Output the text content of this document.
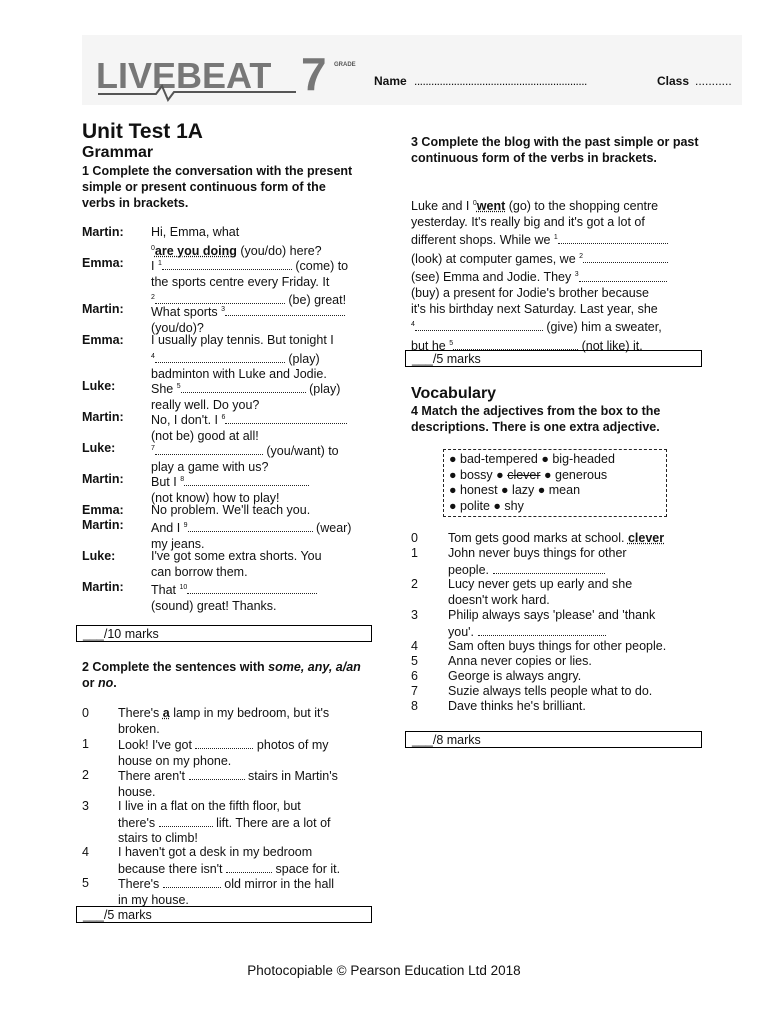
LIVEBEAT 7 GRADE
Name .............................................................	Class ...........
Unit Test 1A
Grammar
1 Complete the conversation with the present simple or present continuous form of the verbs in brackets.
Martin: Hi, Emma, what
$^0$are you doing (you/do) here?
Emma: I $^1$	(come) to
the sports centre every Friday. It
$^2$	(be) great!
Martin: What sports $^3$
(you/do)?
Emma: I usually play tennis. But tonight I
$^4$	(play)
badminton with Luke and Jodie.
Luke:	She $^5$	(play)
really well. Do you?
Martin: No, I don't. I $^6$
(not be) good at all!
Luke:	$^7$	(you/want) to
play a game with us?
Martin: But I $^8$
(not know) how to play!
Emma: No problem. We'll teach you.
Martin: And I $^9$	(wear)
my jeans.
Luke:	I've got some extra shorts. You
can borrow them.
Martin: That $^{10}$
(sound) great! Thanks.
___/10 marks
2 Complete the sentences with some, any, a/an or no.
0 There's a lamp in my bedroom, but it's
broken.
1 Look! I've got	photos of my
house on my phone.
2 There aren't	stairs in Martin's
house.
3 I live in a flat on the fifth floor, but
there's	lift. There are a lot of
stairs to climb!
4 I haven't got a desk in my bedroom
because there isn't	space for it.
5 There's	old mirror in the hall
in my house.
___/5 marks
3 Complete the blog with the past simple or past continuous form of the verbs in brackets.
Luke and I $^0$went (go) to the shopping centre
yesterday. It's really big and it's got a lot of
different shops. While we $^1$
(look) at computer games, we $^2$
(see) Emma and Jodie. They $^3$
(buy) a present for Jodie's brother because
it's his birthday next Saturday. Last year, she
$^4$	(give) him a sweater,
but he $^5$	(not like) it.
___/5 marks
Vocabulary
4 Match the adjectives from the box to the descriptions. There is one extra adjective.
● bad-tempered ● big-headed
● bossy ● clever ● generous
● honest ● lazy ● mean
● polite ● shy
0 Tom gets good marks at school. clever
1 John never buys things for other
people.
2 Lucy never gets up early and she
doesn't work hard.
3 Philip always says 'please' and 'thank
you'.
4 Sam often buys things for other people.
5 Anna never copies or lies.
6 George is always angry.
7 Suzie always tells people what to do.
8 Dave thinks he's brilliant.
___/8 marks
Photocopiable © Pearson Education Ltd 2018
